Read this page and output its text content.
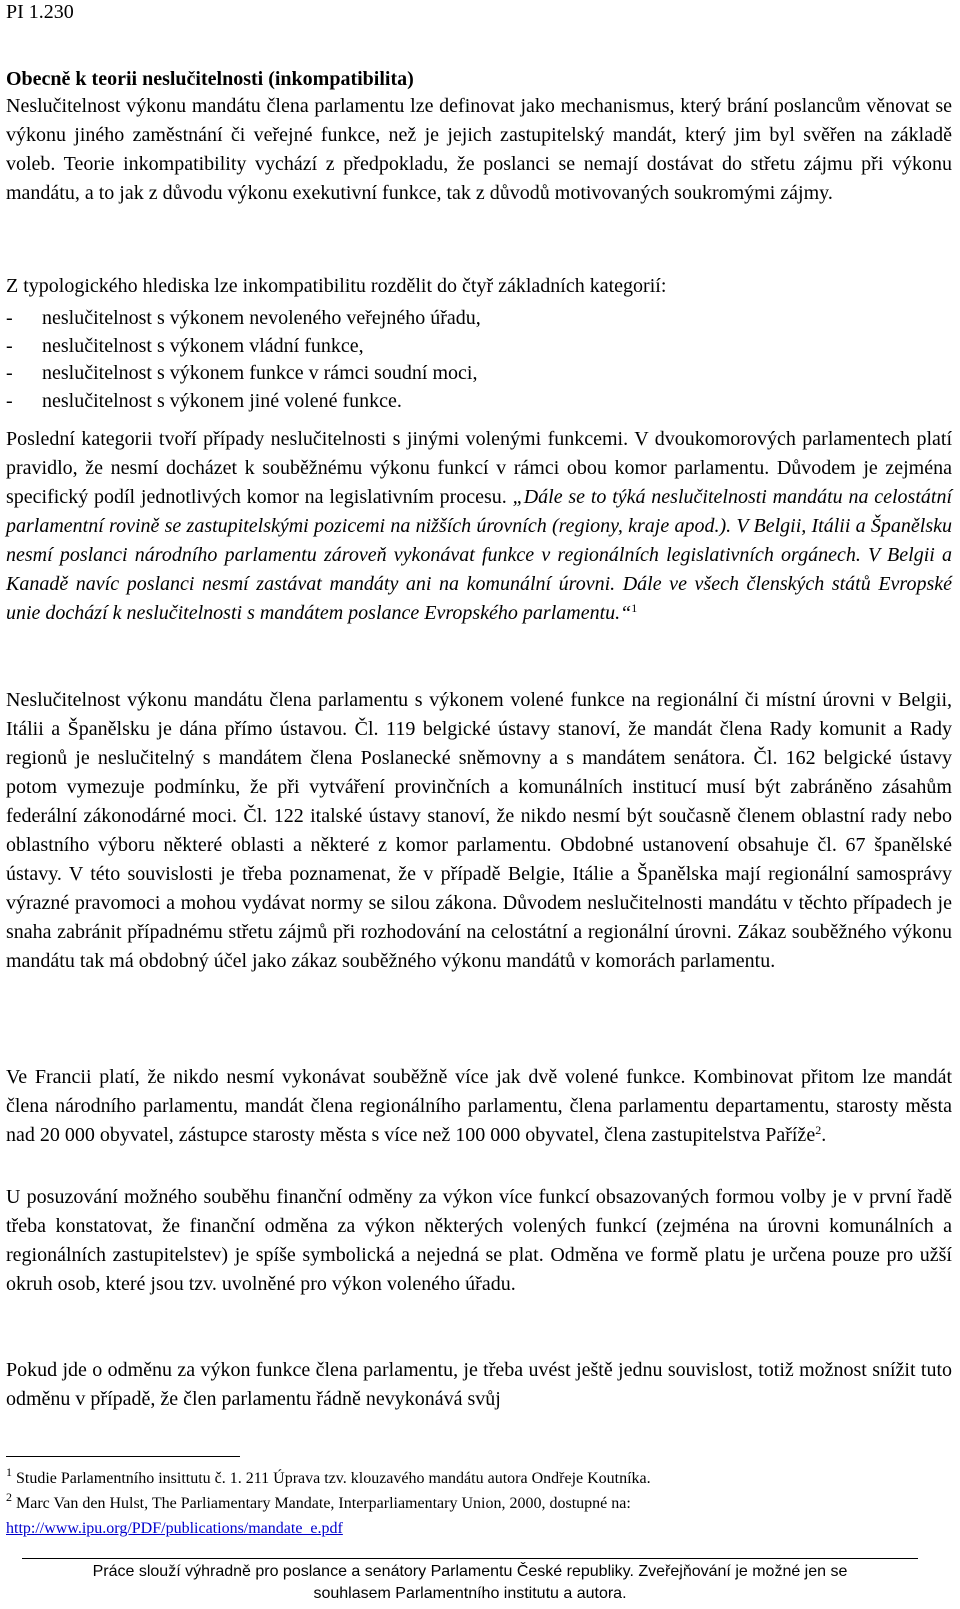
PI 1.230
Obecně k teorii neslučitelnosti (inkompatibilita)

Neslučitelnost výkonu mandátu člena parlamentu lze definovat jako mechanismus, který brání poslancům věnovat se výkonu jiného zaměstnání či veřejné funkce, než je jejich zastupitelský mandát, který jim byl svěřen na základě voleb. Teorie inkompatibility vychází z předpokladu, že poslanci se nemají dostávat do střetu zájmu při výkonu mandátu, a to jak z důvodu výkonu exekutivní funkce, tak z důvodů motivovaných soukromými zájmy.

Z typologického hlediska lze inkompatibilitu rozdělit do čtyř základních kategorií:

- neslučitelnost s výkonem nevoleného veřejného úřadu,
- neslučitelnost s výkonem vládní funkce,
- neslučitelnost s výkonem funkce v rámci soudní moci,
- neslučitelnost s výkonem jiné volené funkce.

Poslední kategorii tvoří případy neslučitelnosti s jinými volenými funkcemi. V dvoukomorových parlamentech platí pravidlo, že nesmí docházet k souběžnému výkonu funkcí v rámci obou komor parlamentu. Důvodem je zejména specifický podíl jednotlivých komor na legislativním procesu. „Dále se to týká neslučitelnosti mandátu na celostátní parlamentní rovině se zastupitelskými pozicemi na nižších úrovních (regiony, kraje apod.). V Belgii, Itálii a Španělsku nesmí poslanci národního parlamentu zároveň vykonávat funkce v regionálních legislativních orgánech. V Belgii a Kanadě navíc poslanci nesmí zastávat mandáty ani na komunální úrovni. Dále ve všech členských států Evropské unie dochází k neslučitelnosti s mandátem poslance Evropského parlamentu.“$^1$

Neslučitelnost výkonu mandátu člena parlamentu s výkonem volené funkce na regionální či místní úrovni v Belgii, Itálii a Španělsku je dána přímo ústavou. Čl. 119 belgické ústavy stanoví, že mandát člena Rady komunit a Rady regionů je neslučitelný s mandátem člena Poslanecké sněmovny a s mandátem senátora. Čl. 162 belgické ústavy potom vymezuje podmínku, že při vytváření provinčních a komunálních institucí musí být zabráněno zásahům federální zákonodárné moci. Čl. 122 italské ústavy stanoví, že nikdo nesmí být současně členem oblastní rady nebo oblastního výboru některé oblasti a některé z komor parlamentu. Obdobné ustanovení obsahuje čl. 67 španělské ústavy. V této souvislosti je třeba poznamenat, že v případě Belgie, Itálie a Španělska mají regionální samosprávy výrazné pravomoci a mohou vydávat normy se silou zákona. Důvodem neslučitelnosti mandátu v těchto případech je snaha zabránit případnému střetu zájmů při rozhodování na celostátní a regionální úrovni. Zákaz souběžného výkonu mandátu tak má obdobný účel jako zákaz souběžného výkonu mandátů v komorách parlamentu.

Ve Francii platí, že nikdo nesmí vykonávat souběžně více jak dvě volené funkce. Kombinovat přitom lze mandát člena národního parlamentu, mandát člena regionálního parlamentu, člena parlamentu departamentu, starosty města nad 20 000 obyvatel, zástupce starosty města s více než 100 000 obyvatel, člena zastupitelstva Paříže$^2$.

U posuzování možného souběhu finanční odměny za výkon více funkcí obsazovaných formou volby je v první řadě třeba konstatovat, že finanční odměna za výkon některých volených funkcí (zejména na úrovni komunálních a regionálních zastupitelstev) je spíše symbolická a nejedná se plat. Odměna ve formě platu je určena pouze pro užší okruh osob, které jsou tzv. uvolněné pro výkon voleného úřadu.

Pokud jde o odměnu za výkon funkce člena parlamentu, je třeba uvést ještě jednu souvislost, totiž možnost snížit tuto odměnu v případě, že člen parlamentu řádně nevykonává svůj

$^1$ Studie Parlamentního insittutu č. 1. 211 Úprava tzv. klouzavého mandátu autora Ondřeje Koutníka.

$^2$ Marc Van den Hulst, The Parliamentary Mandate, Interparliamentary Union, 2000, dostupné na:

http://www.ipu.org/PDF/publications/mandate_e.pdf

Práce slouží výhradně pro poslance a senátory Parlamentu České republiky. Zveřejňování je možné jen se
souhlasem Parlamentního institutu a autora.
